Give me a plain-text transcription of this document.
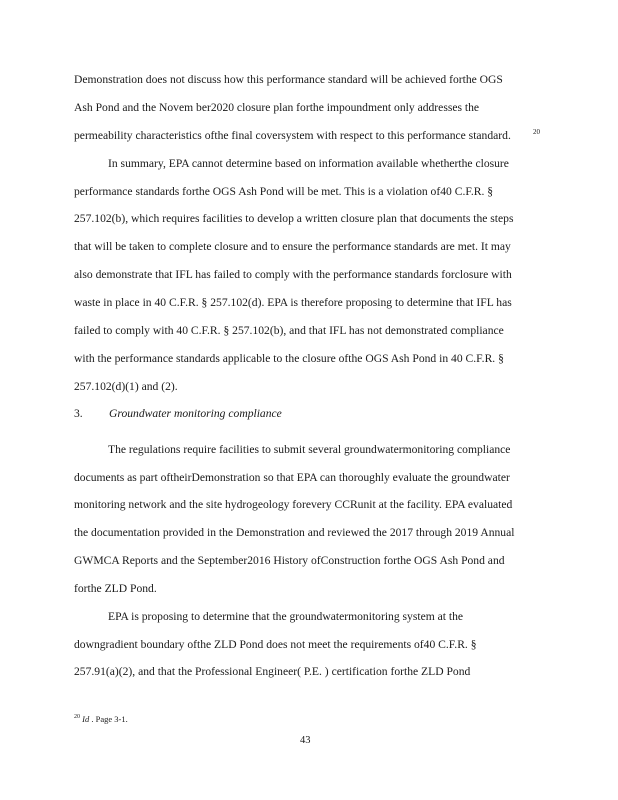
Demonstration does not discuss how this performance standard will be achieved forthe OGS
Ash Pond and the Novem ber2020 closure plan forthe impoundment only addresses the
permeability characteristics ofthe final coversystem with respect to this performance standard.	20
In summary, EPA cannot determine based on information available whetherthe closure
performance standards forthe OGS Ash Pond will be met. This is a violation of40 C.F.R. §
257.102(b), which requires facilities to develop a written closure plan that documents the steps
that will be taken to complete closure and to ensure the performance standards are met. It may
also demonstrate that IFL has failed to comply with the performance standards forclosure with
waste in place in 40 C.F.R. § 257.102(d). EPA is therefore proposing to determine that IFL has
failed to comply with 40 C.F.R. § 257.102(b), and that IFL has not demonstrated compliance
with the performance standards applicable to the closure ofthe OGS Ash Pond in 40 C.F.R. §
257.102(d)(1) and (2).
3. Groundwater monitoring compliance
The regulations require facilities to submit several groundwatermonitoring compliance
documents as part oftheirDemonstration so that EPA can thoroughly evaluate the groundwater
monitoring network and the site hydrogeology forevery CCRunit at the facility. EPA evaluated
the documentation provided in the Demonstration and reviewed the 2017 through 2019 Annual
GWMCA Reports and the September2016 History ofConstruction forthe OGS Ash Pond and
forthe ZLD Pond.
EPA is proposing to determine that the groundwatermonitoring system at the
downgradient boundary ofthe ZLD Pond does not meet the requirements of40 C.F.R. §
257.91(a)(2), and that the Professional Engineer( P.E. ) certification forthe ZLD Pond
$^{20}$ Id . Page 3-1.
43
